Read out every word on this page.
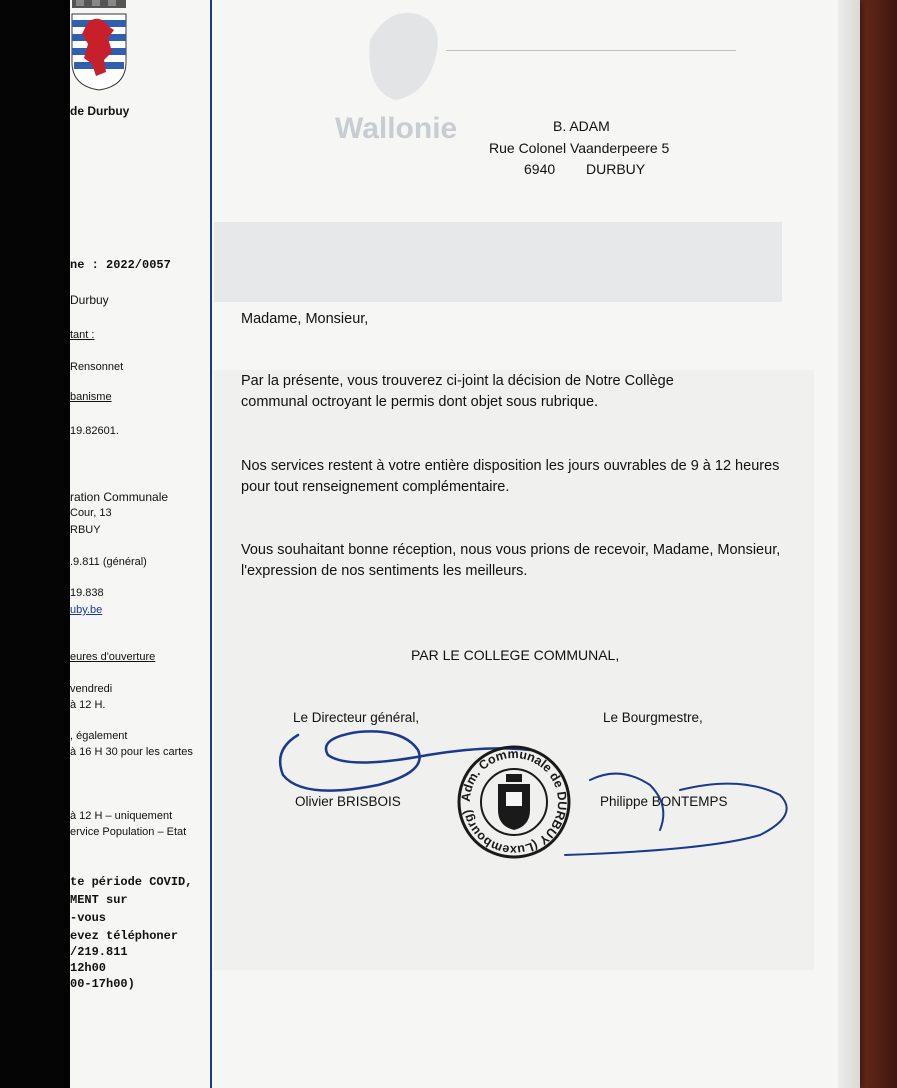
Wallonie
de Durbuy
ne : 2022/0057
Durbuy
tant :
Rensonnet
banisme
19.82601.
ration Communale
Cour, 13
RBUY
.9.811 (général)
19.838
uby.be
eures d'ouverture
vendredi
à 12 H.
, également
à 16 H 30 pour les cartes
à 12 H – uniquement
ervice Population – Etat
te période COVID,
MENT sur
-vous
evez téléphoner
/219.811
12h00
00-17h00)
B. ADAM
Rue Colonel Vaanderpeere 5
6940 DURBUY
Madame, Monsieur,
Par la présente, vous trouverez ci-joint la décision de Notre Collège communal octroyant le permis dont objet sous rubrique.
Nos services restent à votre entière disposition les jours ouvrables de 9 à 12 heures pour tout renseignement complémentaire.
Vous souhaitant bonne réception, nous vous prions de recevoir, Madame, Monsieur, l'expression de nos sentiments les meilleurs.
PAR LE COLLEGE COMMUNAL,
Le Directeur général,	Le Bourgmestre,
Olivier BRISBOIS	Philippe BONTEMPS
Adm. Communale de DURBUY (Luxembourg)
